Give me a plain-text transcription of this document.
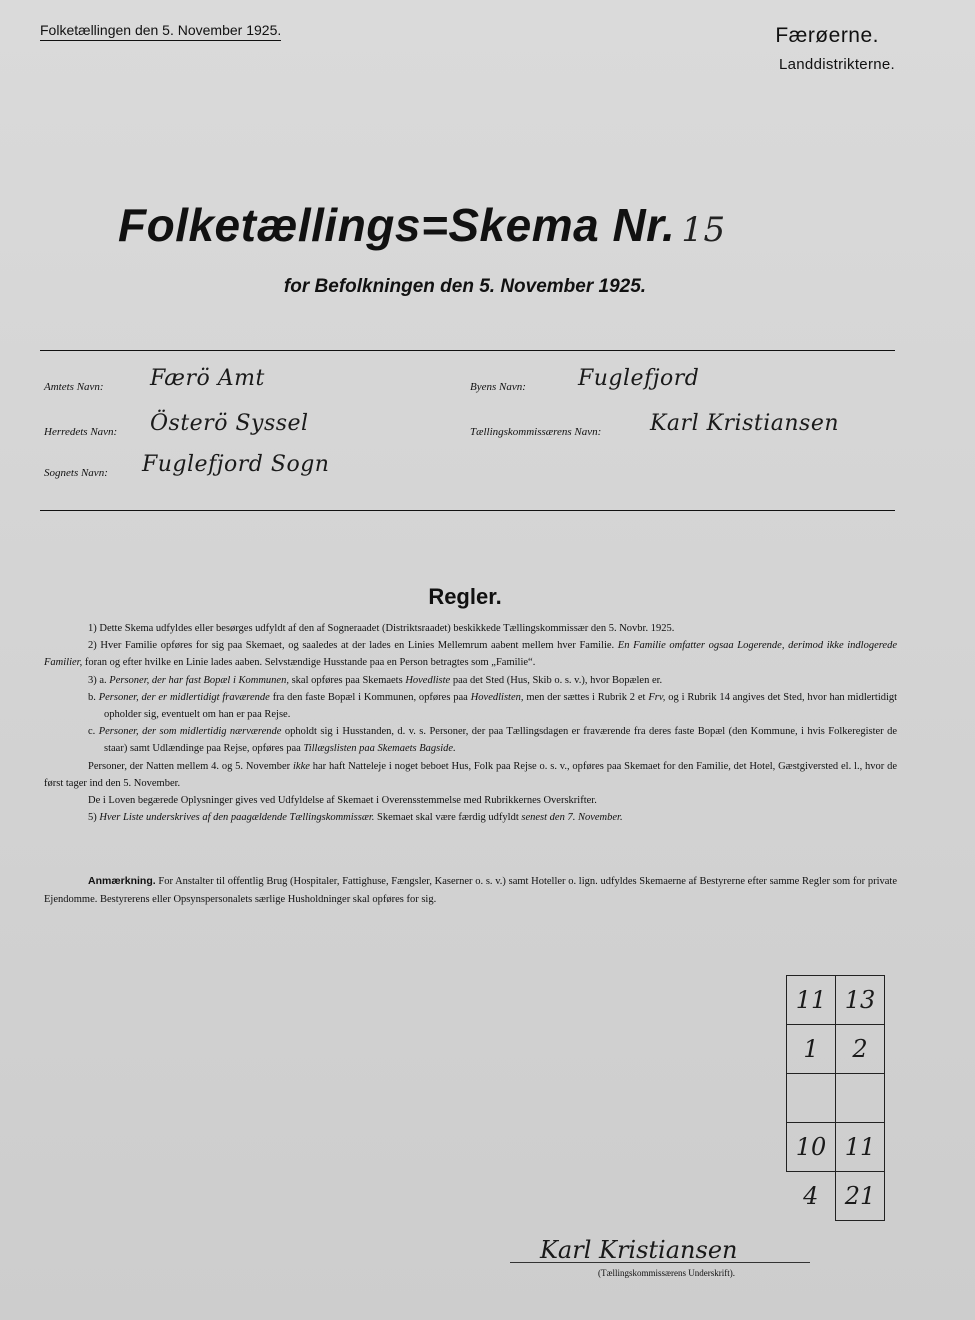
Folketællingen den 5. November 1925.	Færøerne.
Landdistrikterne.
Folketællings=Skema Nr. 15
for Befolkningen den 5. November 1925.
Amtets Navn: Færö Amt	Byens Navn: Fuglefjord
Herredets Navn: Österö Syssel	Tællingskommissærens Navn: Karl Kristiansen
Sognets Navn: Fuglefjord Sogn
Regler.

1) Dette Skema udfyldes eller besørges udfyldt af den af Sogneraadet (Distriktsraadet) beskikkede Tællingskommissær den 5. Novbr. 1925.

2) Hver Familie opføres for sig paa Skemaet, og saaledes at der lades en Linies Mellemrum aabent mellem hver Familie. En Familie omfatter ogsaa Logerende, derimod ikke indlogerede Familier, foran og efter hvilke en Linie lades aaben. Selvstændige Husstande paa en Person betragtes som „Familie“.

3) a. Personer, der har fast Bopæl i Kommunen, skal opføres paa Skemaets Hovedliste paa det Sted (Hus, Skib o. s. v.), hvor Bopælen er.

b. Personer, der er midlertidigt fraværende fra den faste Bopæl i Kommunen, opføres paa Hovedlisten, men der sættes i Rubrik 2 et Frv, og i Rubrik 14 angives det Sted, hvor han midlertidigt opholder sig, eventuelt om han er paa Rejse.

c. Personer, der som midlertidig nærværende opholdt sig i Husstanden, d. v. s. Personer, der paa Tællingsdagen er fraværende fra deres faste Bopæl (den Kommune, i hvis Folkeregister de staar) samt Udlændinge paa Rejse, opføres paa Tillægslisten paa Skemaets Bagside.

Personer, der Natten mellem 4. og 5. November ikke har haft Natteleje i noget beboet Hus, Folk paa Rejse o. s. v., opføres paa Skemaet for den Familie, det Hotel, Gæstgiversted el. l., hvor de først tager ind den 5. November.

De i Loven begærede Oplysninger gives ved Udfyldelse af Skemaet i Overensstemmelse med Rubrikkernes Overskrifter.

5) Hver Liste underskrives af den paagældende Tællingskommissær. Skemaet skal være færdig udfyldt senest den 7. November.

Anmærkning. For Anstalter til offentlig Brug (Hospitaler, Fattighuse, Fængsler, Kaserner o. s. v.) samt Hoteller o. lign. udfyldes Skemaerne af Bestyrerne efter samme Regler som for private Ejendomme. Bestyrerens eller Opsynspersonalets særlige Husholdninger skal opføres for sig.
11	13
1	2

10	11
4	21
Karl Kristiansen
(Tællingskommissærens Underskrift).
